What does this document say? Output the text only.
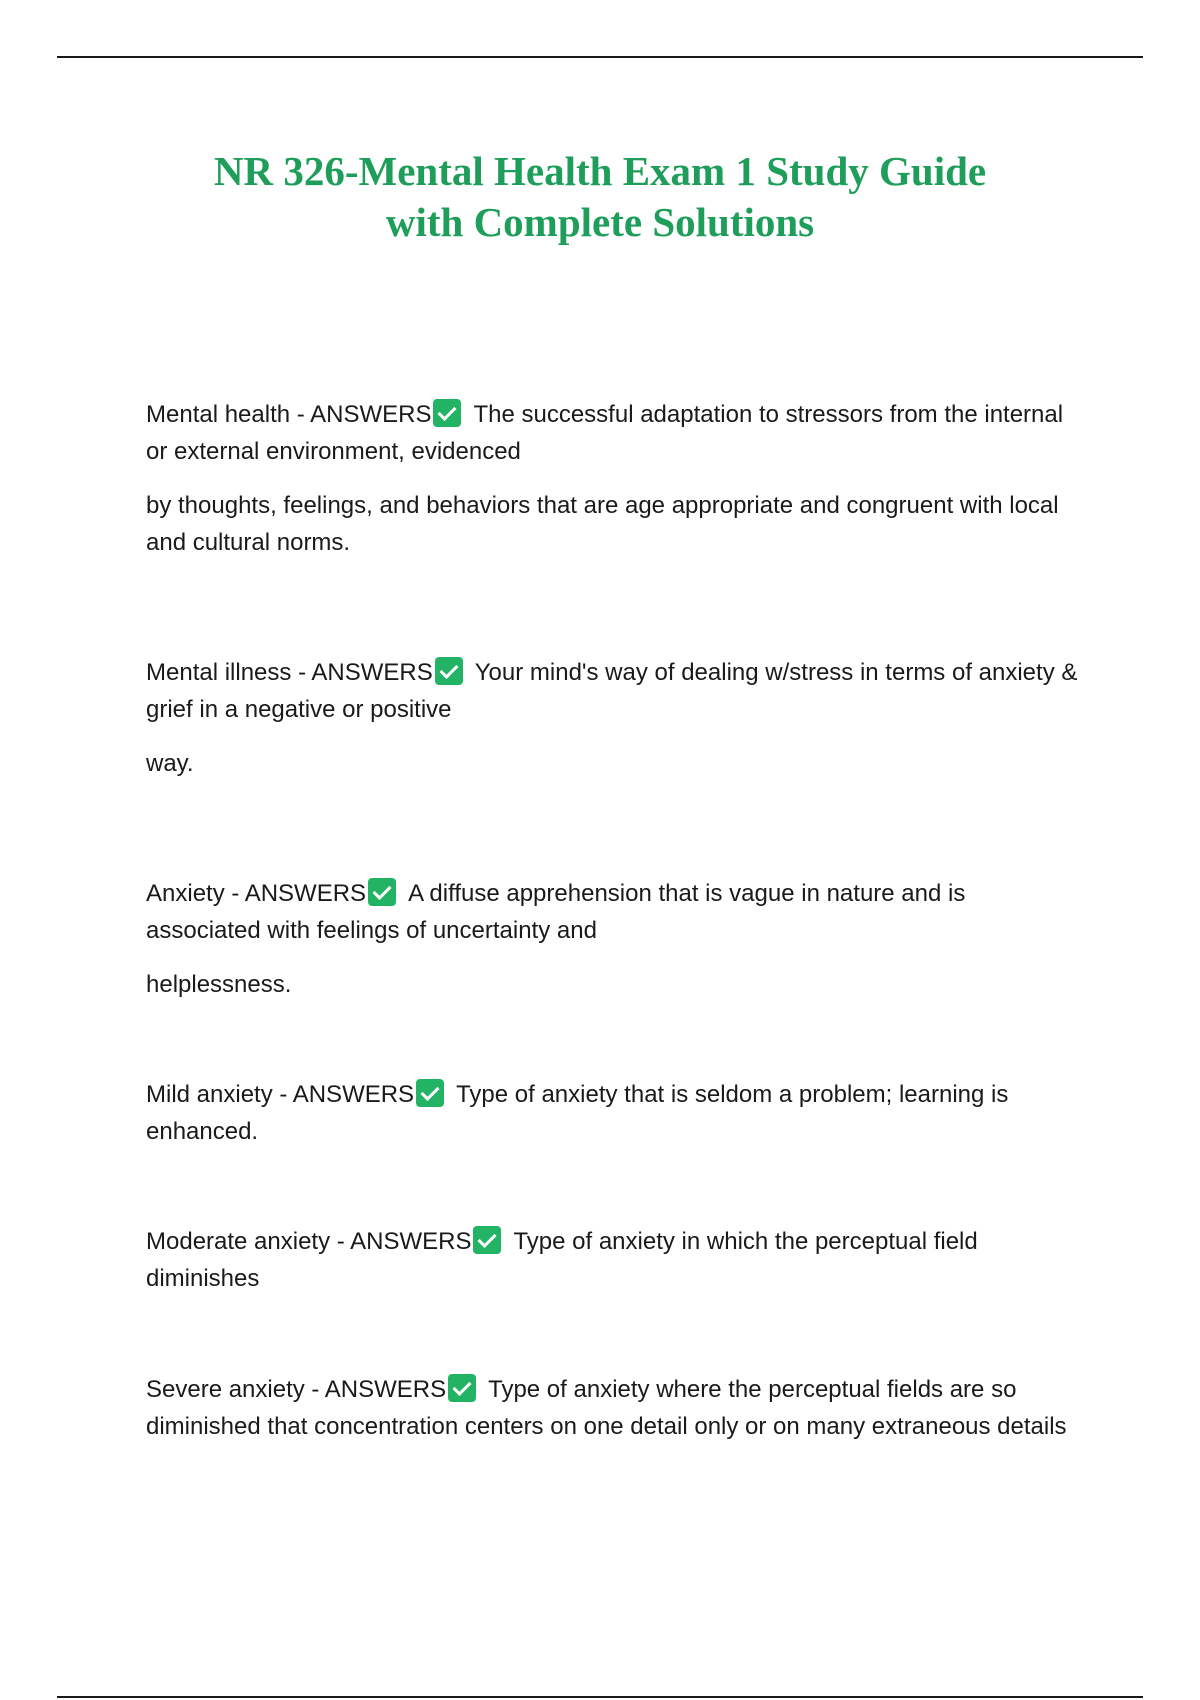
NR 326-Mental Health Exam 1 Study Guide
with Complete Solutions

Mental health - ANSWERS The successful adaptation to stressors from the internal or external environment, evidenced

by thoughts, feelings, and behaviors that are age appropriate and congruent with local and cultural norms.

Mental illness - ANSWERS Your mind's way of dealing w/stress in terms of anxiety & grief in a negative or positive

way.

Anxiety - ANSWERS A diffuse apprehension that is vague in nature and is associated with feelings of uncertainty and

helplessness.

Mild anxiety - ANSWERS Type of anxiety that is seldom a problem; learning is enhanced.

Moderate anxiety - ANSWERS Type of anxiety in which the perceptual field diminishes

Severe anxiety - ANSWERS Type of anxiety where the perceptual fields are so diminished that concentration centers on one detail only or on many extraneous details
